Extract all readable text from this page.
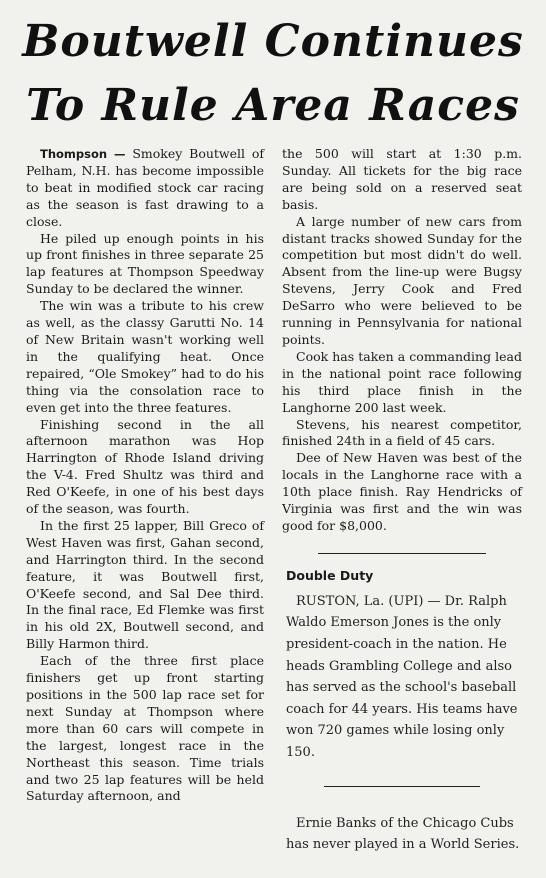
Boutwell Continues
To Rule Area Races

Thompson — Smokey Boutwell of Pelham, N.H. has become impossible to beat in modified stock car racing as the season is fast drawing to a close.

He piled up enough points in his up front finishes in three separate 25 lap features at Thompson Speedway Sunday to be declared the winner.

The win was a tribute to his crew as well, as the classy Garutti No. 14 of New Britain wasn't working well in the qualifying heat. Once repaired, “Ole Smokey” had to do his thing via the consolation race to even get into the three features.

Finishing second in the all afternoon marathon was Hop Harrington of Rhode Island driving the V-4. Fred Shultz was third and Red O'Keefe, in one of his best days of the season, was fourth.

In the first 25 lapper, Bill Greco of West Haven was first, Gahan second, and Harrington third. In the second feature, it was Boutwell first, O'Keefe second, and Sal Dee third. In the final race, Ed Flemke was first in his old 2X, Boutwell second, and Billy Harmon third.

Each of the three first place finishers get up front starting positions in the 500 lap race set for next Sunday at Thompson where more than 60 cars will compete in the largest, longest race in the Northeast this season. Time trials and two 25 lap features will be held Saturday afternoon, and

the 500 will start at 1:30 p.m. Sunday. All tickets for the big race are being sold on a reserved seat basis.

A large number of new cars from distant tracks showed Sunday for the competition but most didn't do well. Absent from the line-up were Bugsy Stevens, Jerry Cook and Fred DeSarro who were believed to be running in Pennsylvania for national points.

Cook has taken a commanding lead in the national point race following his third place finish in the Langhorne 200 last week.

Stevens, his nearest competitor, finished 24th in a field of 45 cars.

Dee of New Haven was best of the locals in the Langhorne race with a 10th place finish. Ray Hendricks of Virginia was first and the win was good for $8,000.

Double Duty

RUSTON, La. (UPI) — Dr. Ralph Waldo Emerson Jones is the only president-coach in the nation. He heads Grambling College and also has served as the school's baseball coach for 44 years. His teams have won 720 games while losing only 150.

Ernie Banks of the Chicago Cubs has never played in a World Series.
